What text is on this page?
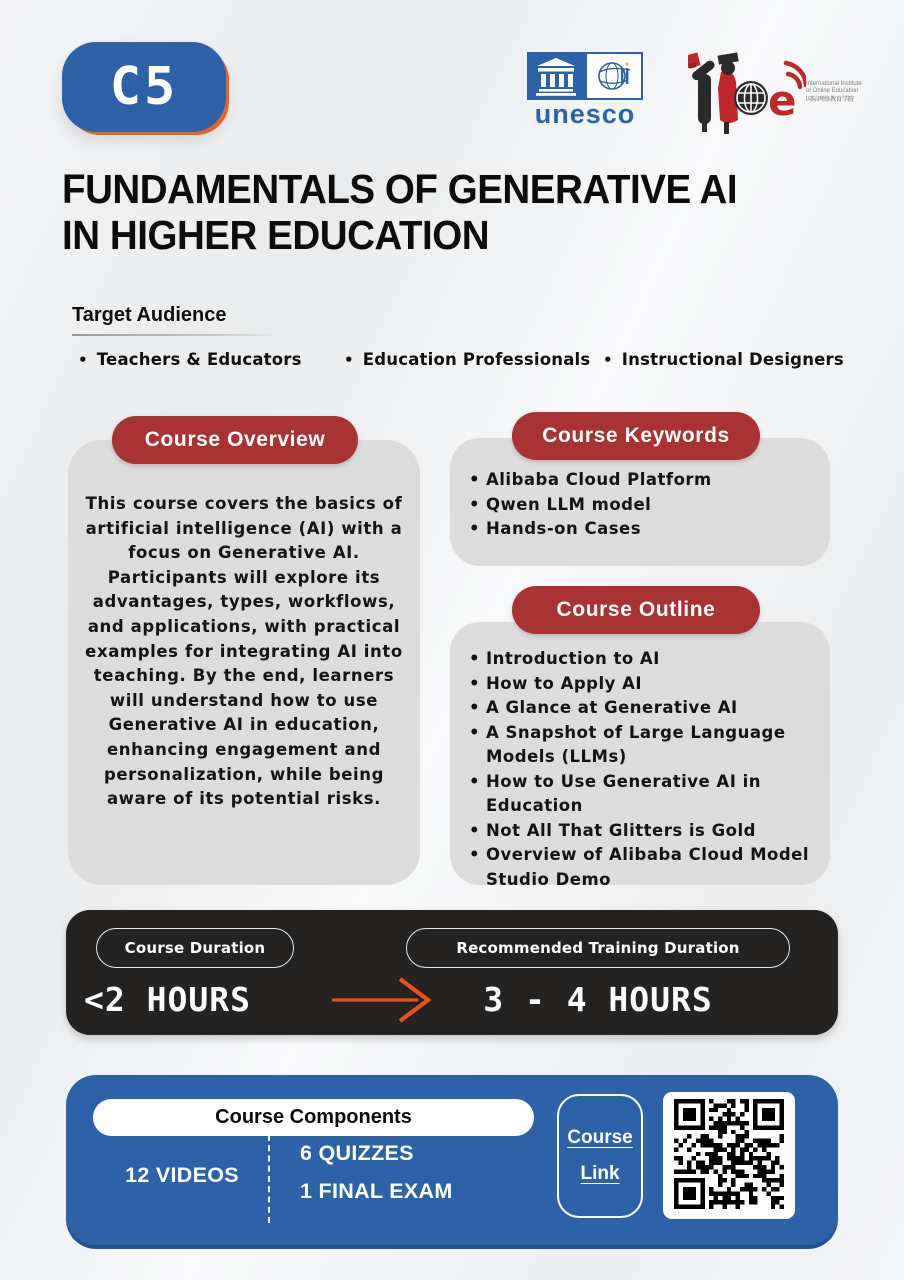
C5	unesco	e International Institute
of Online Education
国际网络教育学院
FUNDAMENTALS OF GENERATIVE AI
IN HIGHER EDUCATION
Target Audience
• Teachers & Educators	• Education Professionals • Instructional Designers
Course Overview

This course covers the basics of artificial intelligence (AI) with a focus on Generative AI. Participants will explore its advantages, types, workflows, and applications, with practical examples for integrating AI into teaching. By the end, learners will understand how to use Generative AI in education, enhancing engagement and personalization, while being aware of its potential risks.

Course Keywords
• Alibaba Cloud Platform
• Qwen LLM model
• Hands-on Cases
Course Outline
• Introduction to AI
• How to Apply AI
• A Glance at Generative AI
• A Snapshot of Large Language Models (LLMs)
• How to Use Generative AI in Education
• Not All That Glitters is Gold
• Overview of Alibaba Cloud Model Studio Demo
Course Duration	Recommended Training Duration
<2 HOURS	3 - 4 HOURS
Course Components
12 VIDEOS
6 QUIZZES
1 FINAL EXAM
Course
Link
